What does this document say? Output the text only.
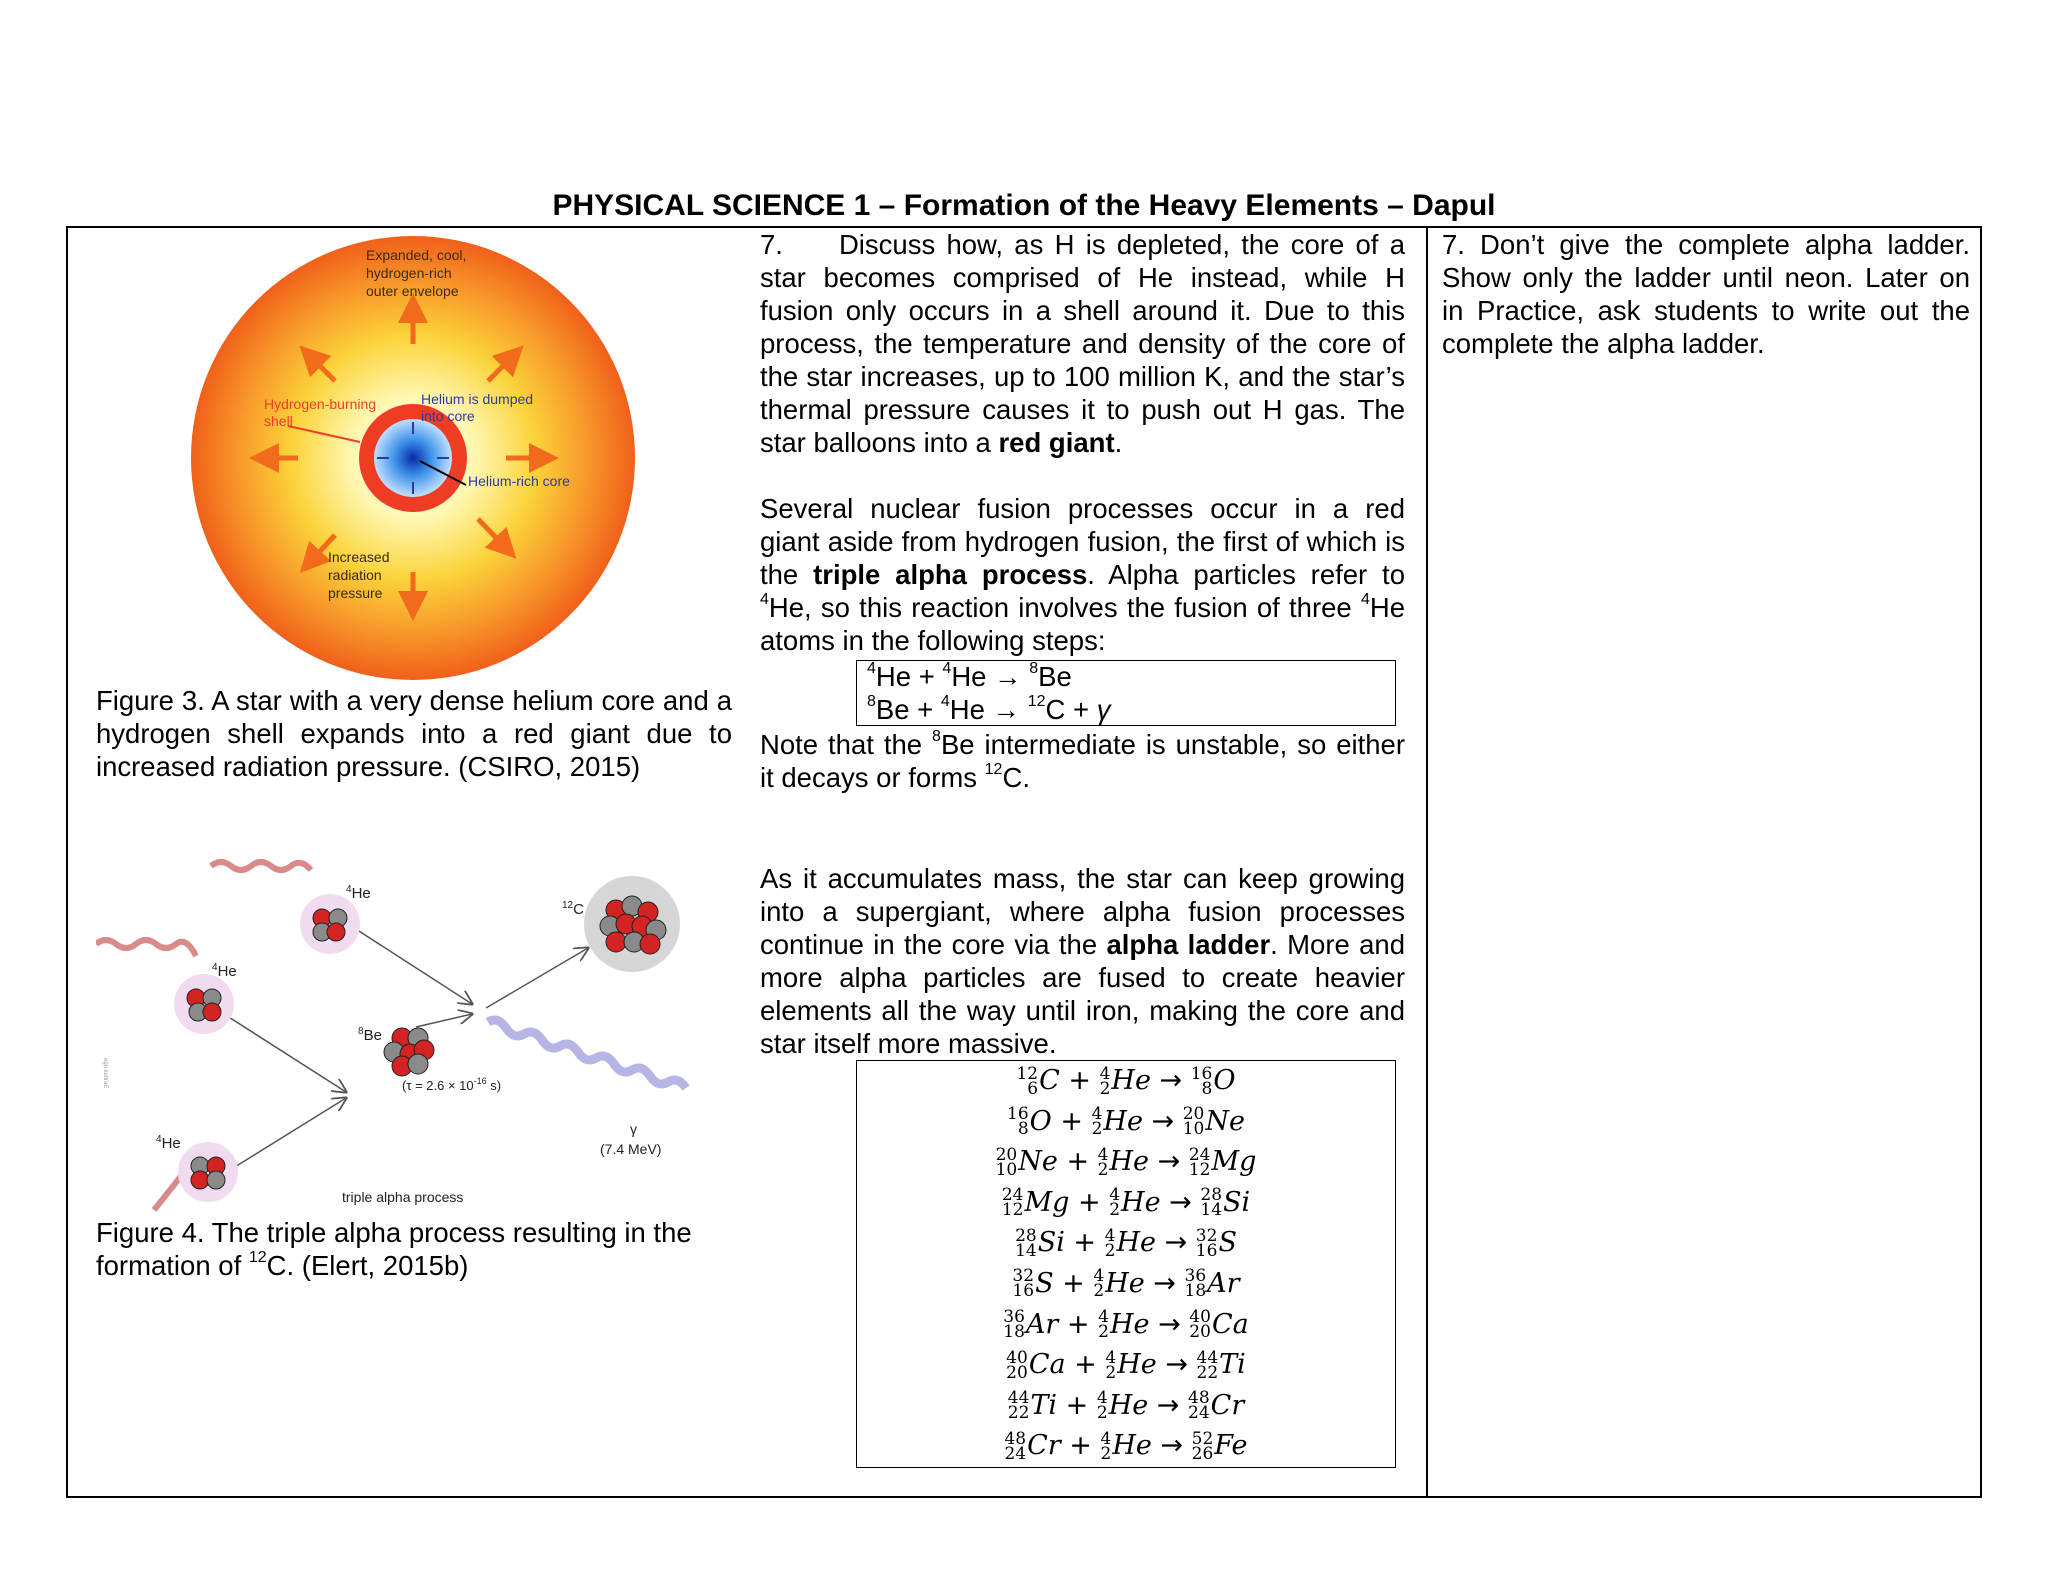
PHYSICAL SCIENCE 1 – Formation of the Heavy Elements – Dapul
Expanded, cool,
hydrogen-rich
outer envelope
Hydrogen-burning
shell
Helium is dumped
into core
Helium-rich core
Increased
radiation
pressure
Figure 3. A star with a very dense helium core and a hydrogen shell expands into a red giant due to increased radiation pressure. (CSIRO, 2015)
$^4$He
$^4$He
$^4$He
$^8$Be
$^{12}$C
($\tau = 2.6 \times 10^{-16}$ s)
γ
(7.4 MeV)
triple alpha process
egn ketlraE
Figure 4. The triple alpha process resulting in the formation of $^{12}$C. (Elert, 2015b)
7. Discuss how, as H is depleted, the core of a star becomes comprised of He instead, while H fusion only occurs in a shell around it. Due to this process, the temperature and density of the core of the star increases, up to 100 million K, and the star’s thermal pressure causes it to push out H gas. The star balloons into a red giant.
Several nuclear fusion processes occur in a red giant aside from hydrogen fusion, the first of which is the triple alpha process. Alpha particles refer to $^4$He, so this reaction involves the fusion of three $^4$He atoms in the following steps:
$^4$He + $^4$He → $^8$Be
$^8$Be + $^4$He → $^{12}$C + γ
Note that the $^8$Be intermediate is unstable, so either it decays or forms $^{12}$C.
As it accumulates mass, the star can keep growing into a supergiant, where alpha fusion processes continue in the core via the alpha ladder. More and more alpha particles are fused to create heavier elements all the way until iron, making the core and star itself more massive.
12
6 C + 4
2 He → 16
8 O
16
8 O + 4
2 He → 20
10 Ne
20
10 Ne + 4
2 He → 24
12 Mg
24
12 Mg + 4
2 He → 28
14 Si
28
14 Si + 4
2 He → 32
16 S
32
16 S + 4
2 He → 36
18 Ar
36
18 Ar + 4
2 He → 40
20 Ca
40
20 Ca + 4
2 He → 44
22 Ti
44
22 Ti + 4
2 He → 48
24 Cr
48
24 Cr + 4
2 He → 52
26 Fe
7. Don’t give the complete alpha ladder. Show only the ladder until neon. Later on in Practice, ask students to write out the complete the alpha ladder.
